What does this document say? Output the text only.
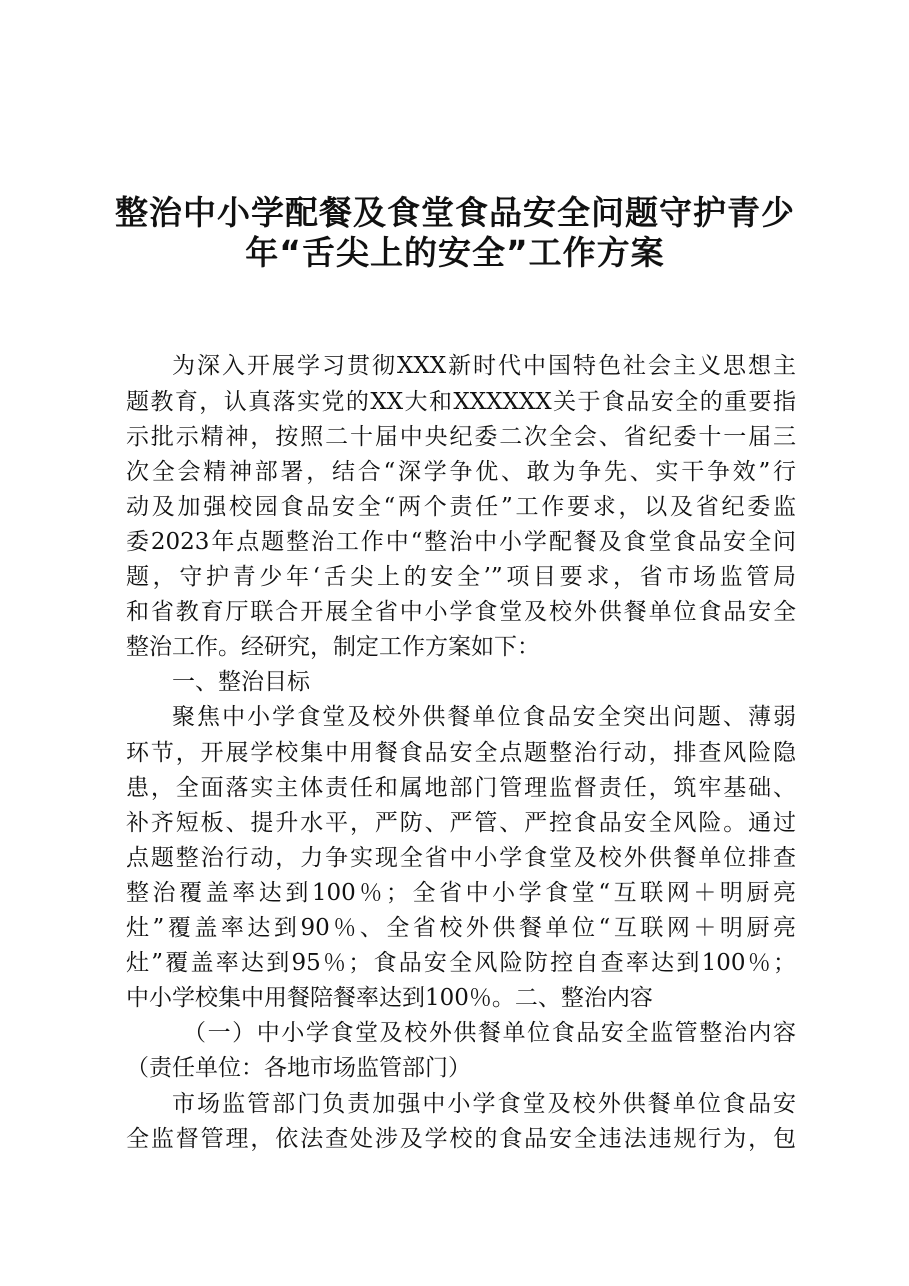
整治中小学配餐及食堂食品安全问题守护青少
年“舌尖上的安全”工作方案
为深入开展学习贯彻XXX新时代中国特色社会主义思想主
题教育，认真落实党的XX大和XXXXXX关于食品安全的重要指
示批示精神，按照二十届中央纪委二次全会、省纪委十一届三
次全会精神部署，结合“深学争优、敢为争先、实干争效”行
动及加强校园食品安全“两个责任”工作要求，以及省纪委监
委2023年点题整治工作中“整治中小学配餐及食堂食品安全问
题，守护青少年‘舌尖上的安全’”项目要求，省市场监管局
和省教育厅联合开展全省中小学食堂及校外供餐单位食品安全
整治工作。经研究，制定工作方案如下：
一、整治目标
聚焦中小学食堂及校外供餐单位食品安全突出问题、薄弱
环节，开展学校集中用餐食品安全点题整治行动，排查风险隐
患，全面落实主体责任和属地部门管理监督责任，筑牢基础、
补齐短板、提升水平，严防、严管、严控食品安全风险。通过
点题整治行动，力争实现全省中小学食堂及校外供餐单位排查
整治覆盖率达到100％；全省中小学食堂“互联网＋明厨亮
灶”覆盖率达到90％、全省校外供餐单位“互联网＋明厨亮
灶”覆盖率达到95％；食品安全风险防控自查率达到100％；
中小学校集中用餐陪餐率达到100％。二、整治内容
（一）中小学食堂及校外供餐单位食品安全监管整治内容
（责任单位：各地市场监管部门）
市场监管部门负责加强中小学食堂及校外供餐单位食品安
全监督管理，依法查处涉及学校的食品安全违法违规行为，包
